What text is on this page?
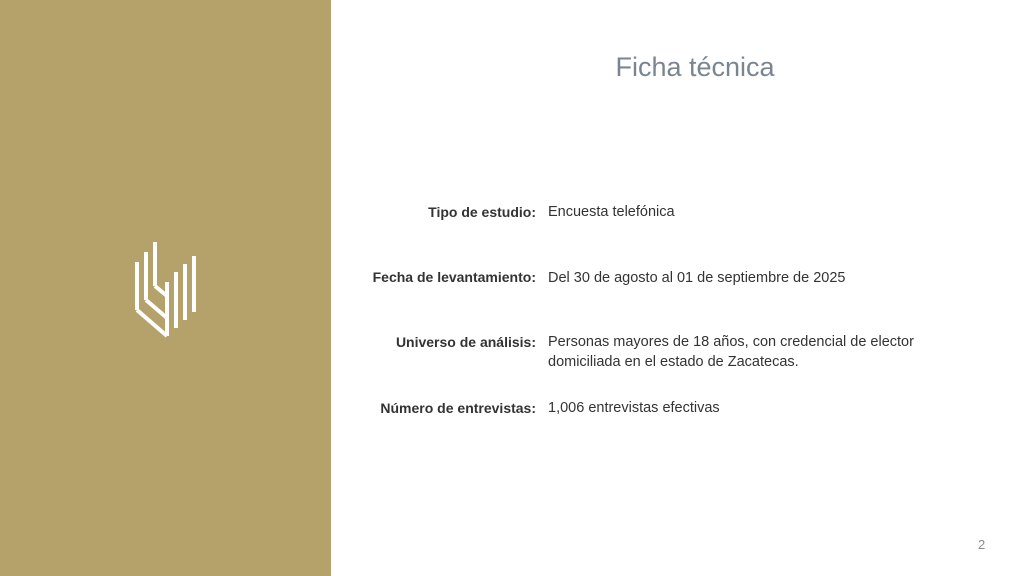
Ficha técnica
Tipo de estudio: Encuesta telefónica
Fecha de levantamiento: Del 30 de agosto al 01 de septiembre de 2025
Universo de análisis: Personas mayores de 18 años, con credencial de elector
domiciliada en el estado de Zacatecas.
Número de entrevistas: 1,006 entrevistas efectivas
2
